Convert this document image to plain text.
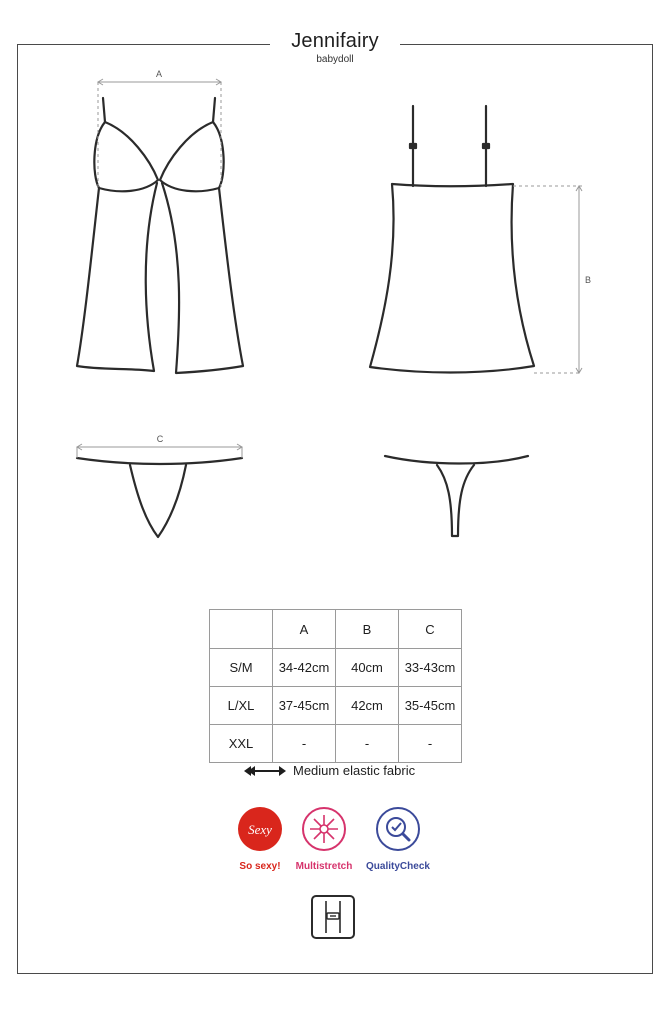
Jennifairy
babydoll
A
B
C
	A	B	C
S/M	34-42cm	40cm	33-43cm
L/XL	37-45cm	42cm	35-45cm
XXL	-	-	-
Medium elastic fabric
Sexy
So sexy!	Multistretch	QualityCheck
